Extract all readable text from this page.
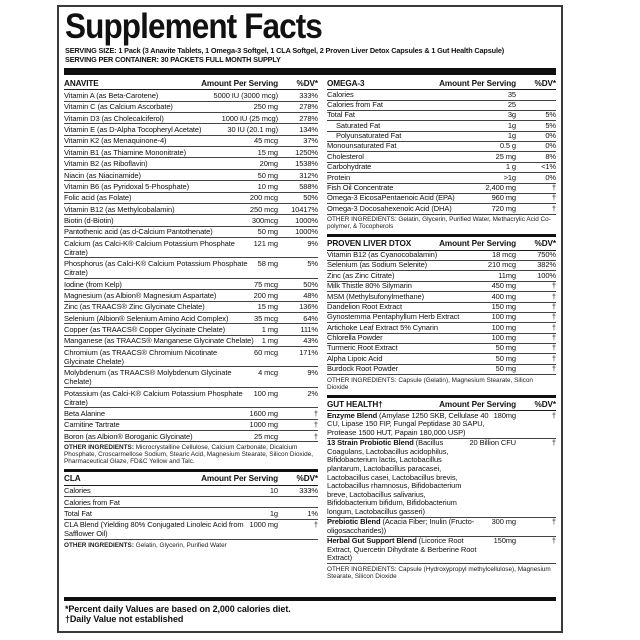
Supplement Facts
SERVING SIZE: 1 Pack (3 Anavite Tablets, 1 Omega-3 Softgel, 1 CLA Softgel, 2 Proven Liver Detox Capsules & 1 Gut Health Capsule)
SERVING PER CONTAINER: 30 PACKETS FULL MONTH SUPPLY
ANAVITE	Amount Per Serving	%DV*
Vitamin A (as Beta-Carotene)	5000 IU (3000 mcg)	333%
Vitamin C (as Calcium Ascorbate)	250 mg	278%
Vitamin D3 (as Cholecalciferol)	1000 IU (25 mcg)	278%
Vitamin E (as D-Alpha Tocopheryl Acetate)	30 IU (20.1 mg)	134%
Vitamin K2 (as Menaquinone-4)	45 mcg	37%
Vitamin B1 (as Thiamine Mononitrate)	15 mg	1250%
Vitamin B2 (as Riboflavin)	20mg	1538%
Niacin (as Niacinamide)	50 mg	312%
Vitamin B6 (as Pyridoxal 5-Phosphate)	10 mg	588%
Folic acid (as Folate)	200 mcg	50%
Vitamin B12 (as Methylcobalamin)	250 mcg	10417%
Biotin (d-Biotin)	300mcg	1000%
Pantothenic acid (as d-Calcium Pantothenate)	50 mg	1000%
Calcium (as Calci-K® Calcium Potassium Phosphate Citrate)
121 mg	9%
Phosphorus (as Calci-K® Calcium Potassium Phosphate Citrate)
58 mg	5%
Iodine (from Kelp)	75 mcg	50%
Magnesium (as Albion® Magnesium Aspartate)	200 mg	48%
Zinc (as TRAACS® Zinc Glycinate Chelate)	15 mg	136%
Selenium (Albion® Selenium Amino Acid Complex)	35 mcg	64%
Copper (as TRAACS® Copper Glycinate Chelate)	1 mg	111%
Manganese (as TRAACS® Manganese Glycinate Chelate)	1 mg	43%
Chromium (as TRAACS® Chromium Nicotinate Glycinate Chelate)
60 mcg	171%
Molybdenum (as TRAACS® Molybdenum Glycinate Chelate)
4 mcg	9%
Potassium (as Calci-K® Calcium Potassium Phosphate Citrate)
100 mg	2%
Beta Alanine	1600 mg	†
Carnitine Tartrate	1000 mg	†
Boron (as Albion® Boroganic Glycinate)	25 mcg	†
OTHER INGREDIENTS: Microcrystalline Cellulose, Calcium Carbonate, Dicalcium Phosphate, Croscarmellose Sodium, Stearic Acid, Magnesium Stearate, Silicon Dioxide, Pharmaceutical Glaze, FD&C Yellow and Talc.
CLA	Amount Per Serving	%DV*
Calories	10	333%
Calories from Fat
Total Fat	1g	1%
CLA Blend (Yielding 80% Conjugated Linoleic Acid from Safflower Oil)
1000 mg	†
OTHER INGREDIENTS: Gelatin, Glycerin, Purified Water
OMEGA-3	Amount Per Serving	%DV*
Calories	35
Calories from Fat	25
Total Fat	3g	5%
Saturated Fat	1g	5%
Polyunsaturated Fat	1g	0%
Monounsaturated Fat	0.5 g	0%
Cholesterol	25 mg	8%
Carbohydrate	1 g	<1%
Protein	>1g	0%
Fish Oil Concentrate	2,400 mg	†
Omega-3 EicosaPentaenoic Acid (EPA)	960 mg	†
Omega-3 Docosahexenoic Acid (DHA)	720 mg	†
OTHER INGREDIENTS: Gelatin, Glycerin, Purified Water, Methacrylic Acid Co-polymer, & Tocopherols
PROVEN LIVER DTOX	Amount Per Serving	%DV*
Vitamin B12 (as Cyanocobalamin)	18 mcg	750%
Selenium (as Sodium Selenite)	210 mcg	382%
Zinc (as Zinc Citrate)	11mg	100%
Milk Thistle 80% Silymarin	450 mg	†
MSM (Methylsufonylmethane)	400 mg	†
Dandelion Root Extract	150 mg	†
Gynostemma Pentaphyllum Herb Extract	100 mg	†
Artichoke Leaf Extract 5% Cynarin	100 mg	†
Chlorella Powder	100 mg	†
Turmeric Root Extract	50 mg	†
Alpha Lipoic Acid	50 mg	†
Burdock Root Powder	50 mg	†
OTHER INGREDIENTS: Capsule (Gelatin), Magnesium Stearate, Silicon Dioxide
GUT HEALTH†	Amount Per Serving	%DV*
Enzyme Blend (Amylase 1250 SKB, Cellulase 40 CU, Lipase 150 FIP, Fungal Peptidase 30 SAPU, Protease 1500 HUT, Papain 180,000 USP)
180mg	†
13 Strain Probiotic Blend (Bacillus Coagulans, Lactobacillus acidophilus, Bifidobacterium lactis, Lactobacillus plantarum, Lactobacillus paracasei, Lactobacillus casei, Lactobacillus brevis, Lactobacillus rhamnosus, Bifidobacterium breve, Lactobacillus salivarius, Bifidobacterium bifidum, Bifidobacterium longum, Lactobacillus gasseri)
20 Billion CFU	†
Prebiotic Blend (Acacia Fiber; Inulin (Fructo-oligosaccharides))
300 mg	†
Herbal Gut Support Blend (Licorice Root Extract, Quercetin Dihydrate & Berberine Root Extract)
150mg	†
OTHER INGREDIENTS: Capsule (Hydroxypropyl methylcellulose), Magnesium Stearate, Silicon Dioxide
*Percent daily Values are based on 2,000 calories diet.
†Daily Value not established
